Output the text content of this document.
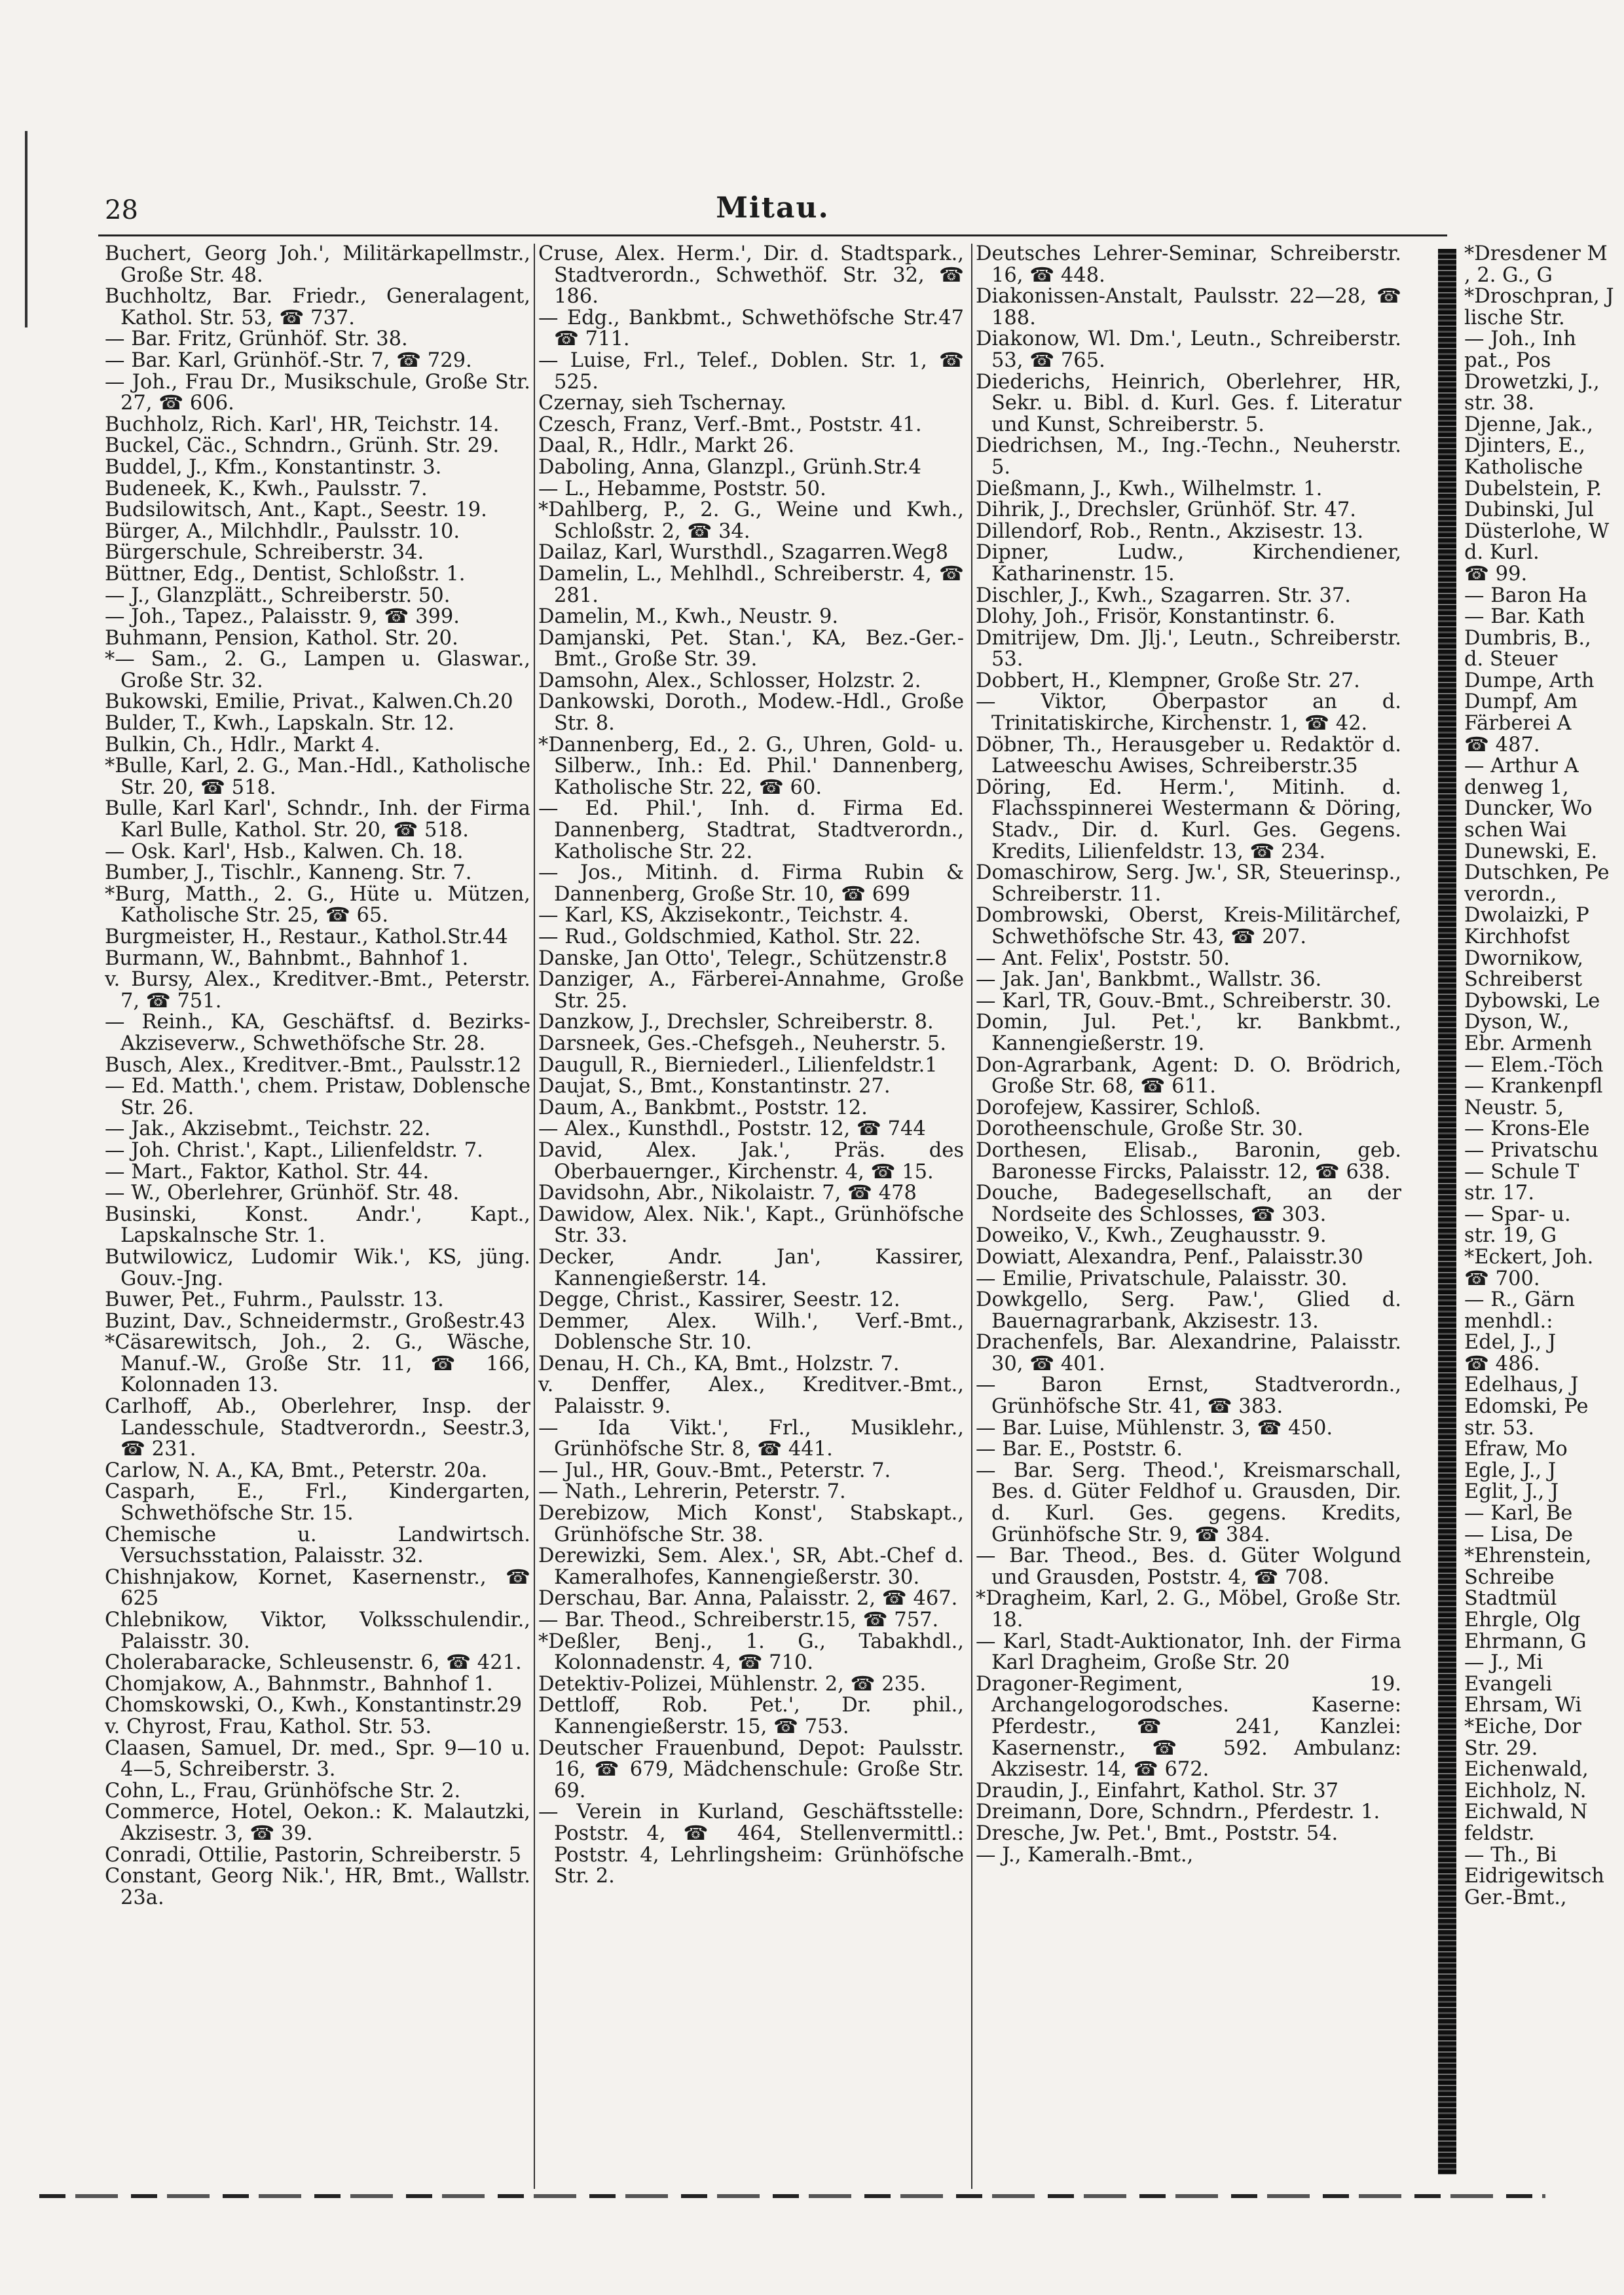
28	Mitau.
Buchert, Georg Joh.', Militärkapellmstr., Große Str. 48.
Buchholtz, Bar. Friedr., Generalagent, Kathol. Str. 53, ☎ 737.
— Bar. Fritz, Grünhöf. Str. 38.
— Bar. Karl, Grünhöf.-Str. 7, ☎ 729.
— Joh., Frau Dr., Musikschule, Große Str. 27, ☎ 606.
Buchholz, Rich. Karl', HR, Teichstr. 14.
Buckel, Cäc., Schndrn., Grünh. Str. 29.
Buddel, J., Kfm., Konstantinstr. 3.
Budeneek, K., Kwh., Paulsstr. 7.
Budsilowitsch, Ant., Kapt., Seestr. 19.
Bürger, A., Milchhdlr., Paulsstr. 10.
Bürgerschule, Schreiberstr. 34.
Büttner, Edg., Dentist, Schloßstr. 1.
— J., Glanzplätt., Schreiberstr. 50.
— Joh., Tapez., Palaisstr. 9, ☎ 399.
Buhmann, Pension, Kathol. Str. 20.
*— Sam., 2. G., Lampen u. Glaswar., Große Str. 32.
Bukowski, Emilie, Privat., Kalwen.Ch.20
Bulder, T., Kwh., Lapskaln. Str. 12.
Bulkin, Ch., Hdlr., Markt 4.
*Bulle, Karl, 2. G., Man.-Hdl., Katholische Str. 20, ☎ 518.
Bulle, Karl Karl', Schndr., Inh. der Firma Karl Bulle, Kathol. Str. 20, ☎ 518.
— Osk. Karl', Hsb., Kalwen. Ch. 18.
Bumber, J., Tischlr., Kanneng. Str. 7.
*Burg, Matth., 2. G., Hüte u. Mützen, Katholische Str. 25, ☎ 65.
Burgmeister, H., Restaur., Kathol.Str.44
Burmann, W., Bahnbmt., Bahnhof 1.
v. Bursy, Alex., Kreditver.-Bmt., Peterstr. 7, ☎ 751.
— Reinh., KA, Geschäftsf. d. Bezirks-Akziseverw., Schwethöfsche Str. 28.
Busch, Alex., Kreditver.-Bmt., Paulsstr.12
— Ed. Matth.', chem. Pristaw, Doblensche Str. 26.
— Jak., Akzisebmt., Teichstr. 22.
— Joh. Christ.', Kapt., Lilienfeldstr. 7.
— Mart., Faktor, Kathol. Str. 44.
— W., Oberlehrer, Grünhöf. Str. 48.
Businski, Konst. Andr.', Kapt., Lapskalnsche Str. 1.
Butwilowicz, Ludomir Wik.', KS, jüng. Gouv.-Jng.
Buwer, Pet., Fuhrm., Paulsstr. 13.
Buzint, Dav., Schneidermstr., Großestr.43
*Cäsarewitsch, Joh., 2. G., Wäsche, Manuf.-W., Große Str. 11, ☎ 166, Kolonnaden 13.
Carlhoff, Ab., Oberlehrer, Insp. der Landesschule, Stadtverordn., Seestr.3, ☎ 231.
Carlow, N. A., KA, Bmt., Peterstr. 20a.
Casparh, E., Frl., Kindergarten, Schwethöfsche Str. 15.
Chemische u. Landwirtsch. Versuchsstation, Palaisstr. 32.
Chishnjakow, Kornet, Kasernenstr., ☎ 625
Chlebnikow, Viktor, Volksschulendir., Palaisstr. 30.
Cholerabaracke, Schleusenstr. 6, ☎ 421.
Chomjakow, A., Bahnmstr., Bahnhof 1.
Chomskowski, O., Kwh., Konstantinstr.29
v. Chyrost, Frau, Kathol. Str. 53.
Claasen, Samuel, Dr. med., Spr. 9—10 u. 4—5, Schreiberstr. 3.
Cohn, L., Frau, Grünhöfsche Str. 2.
Commerce, Hotel, Oekon.: K. Malautzki, Akzisestr. 3, ☎ 39.
Conradi, Ottilie, Pastorin, Schreiberstr. 5
Constant, Georg Nik.', HR, Bmt., Wallstr. 23a.
Cruse, Alex. Herm.', Dir. d. Stadtspark., Stadtverordn., Schwethöf. Str. 32, ☎ 186.
— Edg., Bankbmt., Schwethöfsche Str.47 ☎ 711.
— Luise, Frl., Telef., Doblen. Str. 1, ☎ 525.
Czernay, sieh Tschernay.
Czesch, Franz, Verf.-Bmt., Poststr. 41.
Daal, R., Hdlr., Markt 26.
Daboling, Anna, Glanzpl., Grünh.Str.4
— L., Hebamme, Poststr. 50.
*Dahlberg, P., 2. G., Weine und Kwh., Schloßstr. 2, ☎ 34.
Dailaz, Karl, Wursthdl., Szagarren.Weg8
Damelin, L., Mehlhdl., Schreiberstr. 4, ☎ 281.
Damelin, M., Kwh., Neustr. 9.
Damjanski, Pet. Stan.', KA, Bez.-Ger.-Bmt., Große Str. 39.
Damsohn, Alex., Schlosser, Holzstr. 2.
Dankowski, Doroth., Modew.-Hdl., Große Str. 8.
*Dannenberg, Ed., 2. G., Uhren, Gold- u. Silberw., Inh.: Ed. Phil.' Dannenberg, Katholische Str. 22, ☎ 60.
— Ed. Phil.', Inh. d. Firma Ed. Dannenberg, Stadtrat, Stadtverordn., Katholische Str. 22.
— Jos., Mitinh. d. Firma Rubin & Dannenberg, Große Str. 10, ☎ 699
— Karl, KS, Akzisekontr., Teichstr. 4.
— Rud., Goldschmied, Kathol. Str. 22.
Danske, Jan Otto', Telegr., Schützenstr.8
Danziger, A., Färberei-Annahme, Große Str. 25.
Danzkow, J., Drechsler, Schreiberstr. 8.
Darsneek, Ges.-Chefsgeh., Neuherstr. 5.
Daugull, R., Bierniederl., Lilienfeldstr.1
Daujat, S., Bmt., Konstantinstr. 27.
Daum, A., Bankbmt., Poststr. 12.
— Alex., Kunsthdl., Poststr. 12, ☎ 744
David, Alex. Jak.', Präs. des Oberbauernger., Kirchenstr. 4, ☎ 15.
Davidsohn, Abr., Nikolaistr. 7, ☎ 478
Dawidow, Alex. Nik.', Kapt., Grünhöfsche Str. 33.
Decker, Andr. Jan', Kassirer, Kannengießerstr. 14.
Degge, Christ., Kassirer, Seestr. 12.
Demmer, Alex. Wilh.', Verf.-Bmt., Doblensche Str. 10.
Denau, H. Ch., KA, Bmt., Holzstr. 7.
v. Denffer, Alex., Kreditver.-Bmt., Palaisstr. 9.
— Ida Vikt.', Frl., Musiklehr., Grünhöfsche Str. 8, ☎ 441.
— Jul., HR, Gouv.-Bmt., Peterstr. 7.
— Nath., Lehrerin, Peterstr. 7.
Derebizow, Mich Konst', Stabskapt., Grünhöfsche Str. 38.
Derewizki, Sem. Alex.', SR, Abt.-Chef d. Kameralhofes, Kannengießerstr. 30.
Derschau, Bar. Anna, Palaisstr. 2, ☎ 467.
— Bar. Theod., Schreiberstr.15, ☎ 757.
*Deßler, Benj., 1. G., Tabakhdl., Kolonnadenstr. 4, ☎ 710.
Detektiv-Polizei, Mühlenstr. 2, ☎ 235.
Dettloff, Rob. Pet.', Dr. phil., Kannengießerstr. 15, ☎ 753.
Deutscher Frauenbund, Depot: Paulsstr. 16, ☎ 679, Mädchenschule: Große Str. 69.
— Verein in Kurland, Geschäftsstelle: Poststr. 4, ☎ 464, Stellenvermittl.: Poststr. 4, Lehrlingsheim: Grünhöfsche Str. 2.
Deutsches Lehrer-Seminar, Schreiberstr. 16, ☎ 448.
Diakonissen-Anstalt, Paulsstr. 22—28, ☎ 188.
Diakonow, Wl. Dm.', Leutn., Schreiberstr. 53, ☎ 765.
Diederichs, Heinrich, Oberlehrer, HR, Sekr. u. Bibl. d. Kurl. Ges. f. Literatur und Kunst, Schreiberstr. 5.
Diedrichsen, M., Ing.-Techn., Neuherstr. 5.
Dießmann, J., Kwh., Wilhelmstr. 1.
Dihrik, J., Drechsler, Grünhöf. Str. 47.
Dillendorf, Rob., Rentn., Akzisestr. 13.
Dipner, Ludw., Kirchendiener, Katharinenstr. 15.
Dischler, J., Kwh., Szagarren. Str. 37.
Dlohy, Joh., Frisör, Konstantinstr. 6.
Dmitrijew, Dm. Jlj.', Leutn., Schreiberstr. 53.
Dobbert, H., Klempner, Große Str. 27.
— Viktor, Oberpastor an d. Trinitatiskirche, Kirchenstr. 1, ☎ 42.
Döbner, Th., Herausgeber u. Redaktör d. Latweeschu Awises, Schreiberstr.35
Döring, Ed. Herm.', Mitinh. d. Flachsspinnerei Westermann & Döring, Stadv., Dir. d. Kurl. Ges. Gegens. Kredits, Lilienfeldstr. 13, ☎ 234.
Domaschirow, Serg. Jw.', SR, Steuerinsp., Schreiberstr. 11.
Dombrowski, Oberst, Kreis-Militärchef, Schwethöfsche Str. 43, ☎ 207.
— Ant. Felix', Poststr. 50.
— Jak. Jan', Bankbmt., Wallstr. 36.
— Karl, TR, Gouv.-Bmt., Schreiberstr. 30.
Domin, Jul. Pet.', kr. Bankbmt., Kannengießerstr. 19.
Don-Agrarbank, Agent: D. O. Brödrich, Große Str. 68, ☎ 611.
Dorofejew, Kassirer, Schloß.
Dorotheenschule, Große Str. 30.
Dorthesen, Elisab., Baronin, geb. Baronesse Fircks, Palaisstr. 12, ☎ 638.
Douche, Badegesellschaft, an der Nordseite des Schlosses, ☎ 303.
Doweiko, V., Kwh., Zeughausstr. 9.
Dowiatt, Alexandra, Penf., Palaisstr.30
— Emilie, Privatschule, Palaisstr. 30.
Dowkgello, Serg. Paw.', Glied d. Bauernagrarbank, Akzisestr. 13.
Drachenfels, Bar. Alexandrine, Palaisstr. 30, ☎ 401.
— Baron Ernst, Stadtverordn., Grünhöfsche Str. 41, ☎ 383.
— Bar. Luise, Mühlenstr. 3, ☎ 450.
— Bar. E., Poststr. 6.
— Bar. Serg. Theod.', Kreismarschall, Bes. d. Güter Feldhof u. Grausden, Dir. d. Kurl. Ges. gegens. Kredits, Grünhöfsche Str. 9, ☎ 384.
— Bar. Theod., Bes. d. Güter Wolgund und Grausden, Poststr. 4, ☎ 708.
*Dragheim, Karl, 2. G., Möbel, Große Str. 18.
— Karl, Stadt-Auktionator, Inh. der Firma Karl Dragheim, Große Str. 20
Dragoner-Regiment, 19. Archangelogorodsches. Kaserne: Pferdestr., ☎ 241, Kanzlei: Kasernenstr., ☎ 592. Ambulanz: Akzisestr. 14, ☎ 672.
Draudin, J., Einfahrt, Kathol. Str. 37
Dreimann, Dore, Schndrn., Pferdestr. 1.
Dresche, Jw. Pet.', Bmt., Poststr. 54.
— J., Kameralh.-Bmt.,
*Dresdener M
, 2. G., G
*Droschpran, J
lische Str.
— Joh., Inh
pat., Pos
Drowetzki, J.,
str. 38.
Djenne, Jak.,
Djinters, E.,
Katholische
Dubelstein, P.
Dubinski, Jul
Düsterlohe, W
d. Kurl.
☎ 99.
— Baron Ha
— Bar. Kath
Dumbris, B.,
d. Steuer
Dumpe, Arth
Dumpf, Am
Färberei A
☎ 487.
— Arthur A
denweg 1,
Duncker, Wo
schen Wai
Dunewski, E.
Dutschken, Pe
verordn.,
Dwolaizki, P
Kirchhofst
Dwornikow,
Schreiberst
Dybowski, Le
Dyson, W.,
Ebr. Armenh
— Elem.-Töch
— Krankenpfl
Neustr. 5,
— Krons-Ele
— Privatschu
— Schule T
str. 17.
— Spar- u.
str. 19, G
*Eckert, Joh.
☎ 700.
— R., Gärn
menhdl.:
Edel, J., J
☎ 486.
Edelhaus, J
Edomski, Pe
str. 53.
Efraw, Mo
Egle, J., J
Eglit, J., J
— Karl, Be
— Lisa, De
*Ehrenstein,
Schreibe
Stadtmül
Ehrgle, Olg
Ehrmann, G
— J., Mi
Evangeli
Ehrsam, Wi
*Eiche, Dor
Str. 29.
Eichenwald,
Eichholz, N.
Eichwald, N
feldstr.
— Th., Bi
Eidrigewitsch
Ger.-Bmt.,
